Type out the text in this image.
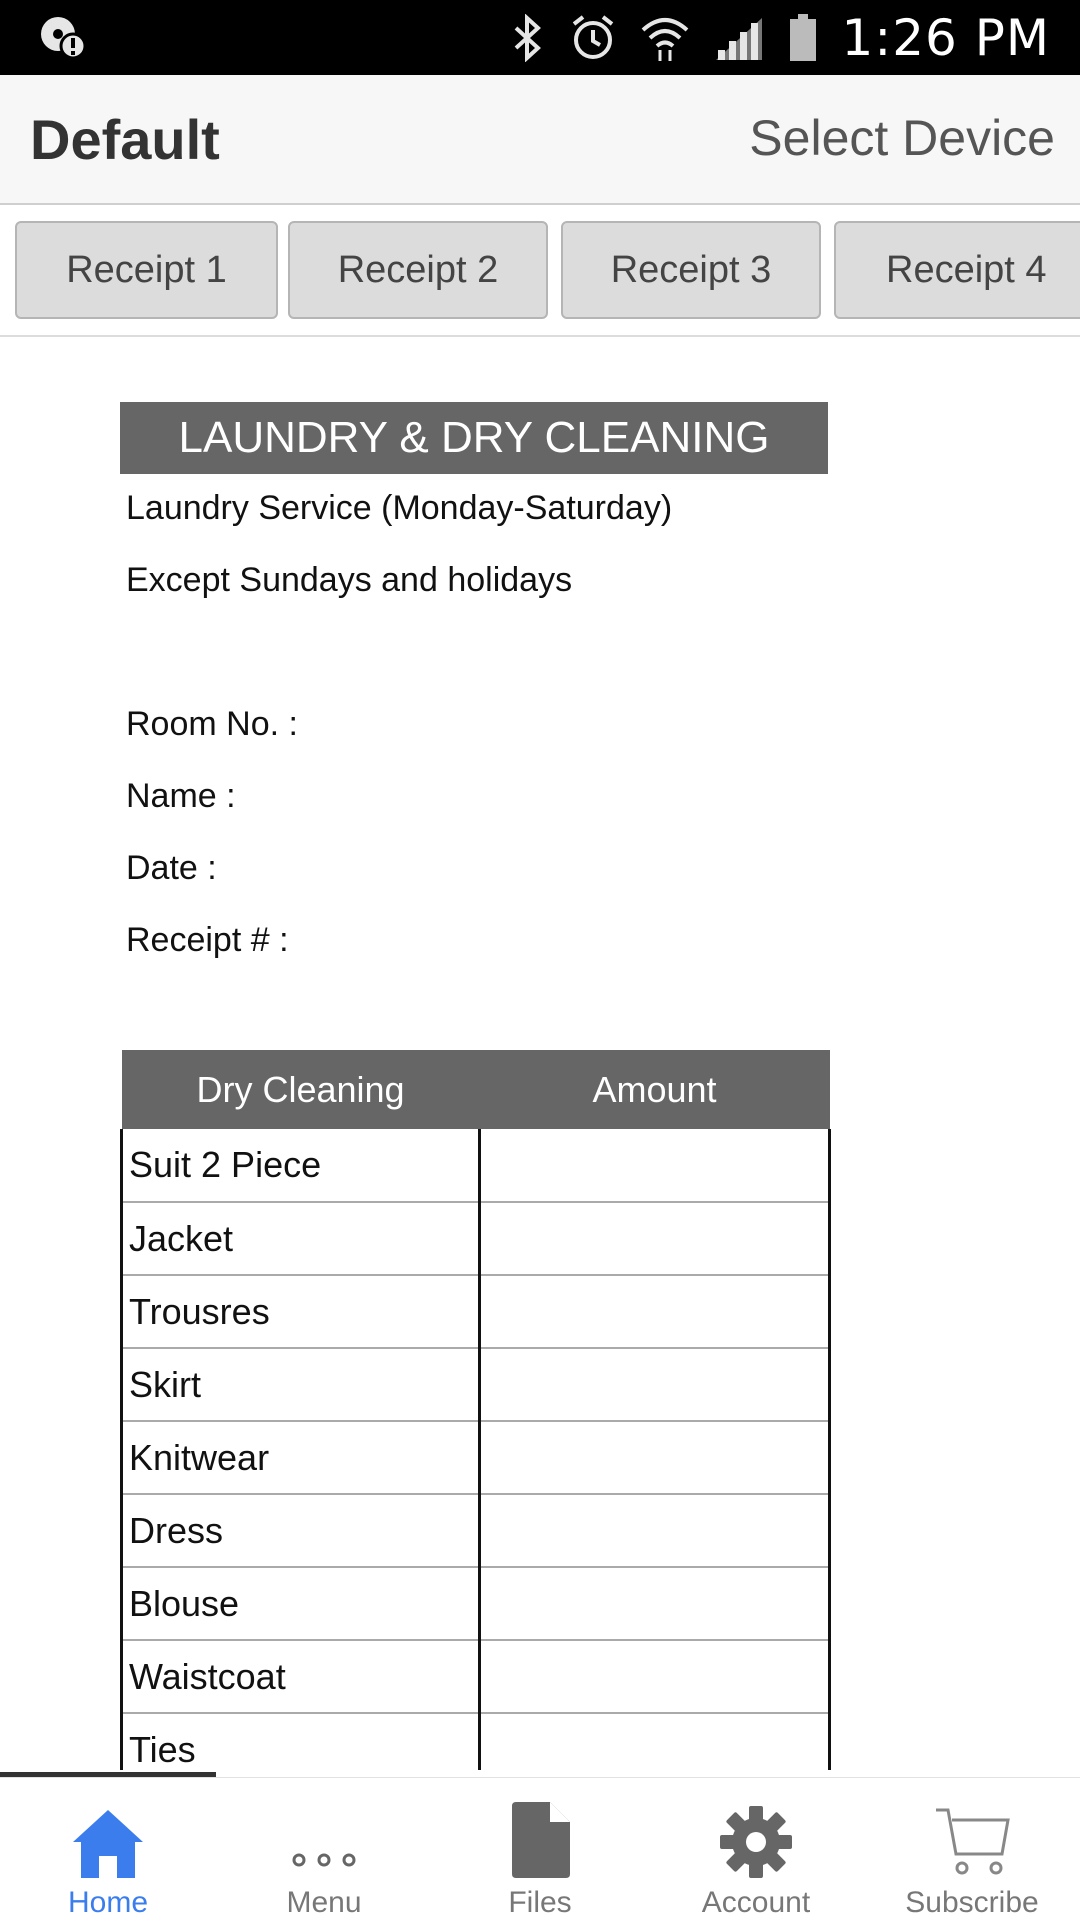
1:26 PM
Default	Select Device
Receipt 1	Receipt 2	Receipt 3	Receipt 4
LAUNDRY & DRY CLEANING
Laundry Service (Monday-Saturday)
Except Sundays and holidays
Room No. :
Name :
Date :
Receipt # :
Dry Cleaning	Amount
Suit 2 Piece	
Jacket	
Trousres	
Skirt	
Knitwear	
Dress	
Blouse	
Waistcoat	
Ties	
Home	Menu	Files	Account	Subscribe
